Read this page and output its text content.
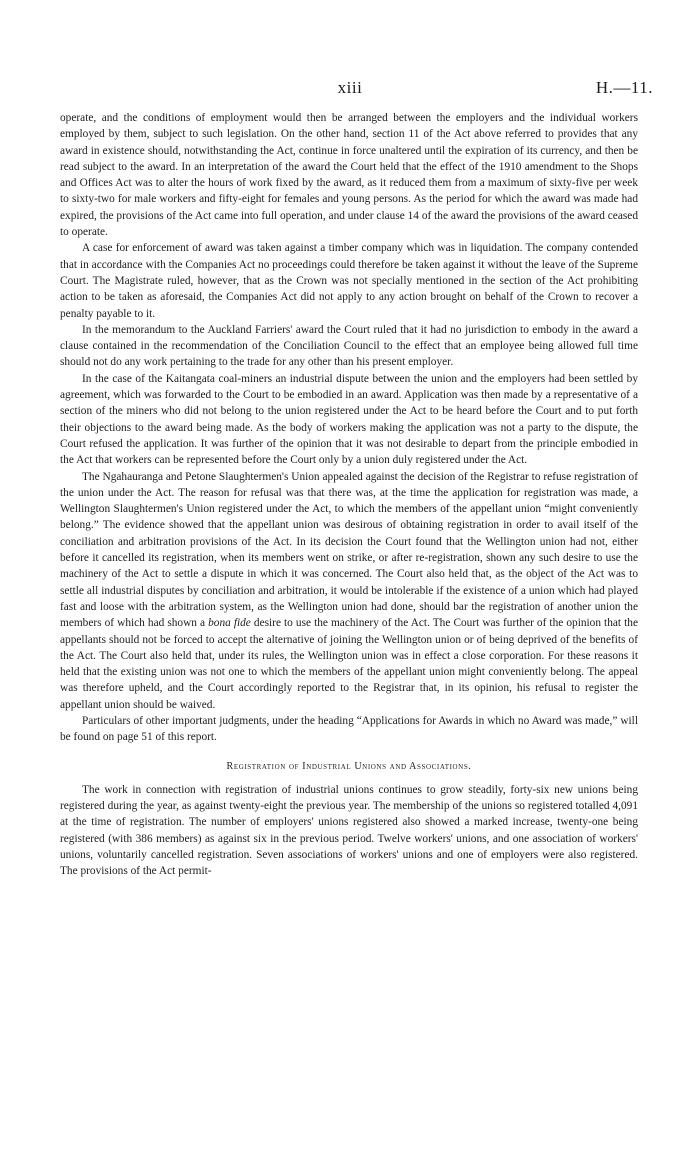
xiii	H.—11.

operate, and the conditions of employment would then be arranged between the employers and the individual workers employed by them, subject to such legislation. On the other hand, section 11 of the Act above referred to provides that any award in existence should, notwithstanding the Act, continue in force unaltered until the expiration of its currency, and then be read subject to the award. In an interpretation of the award the Court held that the effect of the 1910 amendment to the Shops and Offices Act was to alter the hours of work fixed by the award, as it reduced them from a maximum of sixty-five per week to sixty-two for male workers and fifty-eight for females and young persons. As the period for which the award was made had expired, the provisions of the Act came into full operation, and under clause 14 of the award the provisions of the award ceased to operate.

A case for enforcement of award was taken against a timber company which was in liquidation. The company contended that in accordance with the Companies Act no proceedings could therefore be taken against it without the leave of the Supreme Court. The Magistrate ruled, however, that as the Crown was not specially mentioned in the section of the Act prohibiting action to be taken as aforesaid, the Companies Act did not apply to any action brought on behalf of the Crown to recover a penalty payable to it.

In the memorandum to the Auckland Farriers' award the Court ruled that it had no jurisdiction to embody in the award a clause contained in the recommendation of the Conciliation Council to the effect that an employee being allowed full time should not do any work pertaining to the trade for any other than his present employer.

In the case of the Kaitangata coal-miners an industrial dispute between the union and the employers had been settled by agreement, which was forwarded to the Court to be embodied in an award. Application was then made by a representative of a section of the miners who did not belong to the union registered under the Act to be heard before the Court and to put forth their objections to the award being made. As the body of workers making the application was not a party to the dispute, the Court refused the application. It was further of the opinion that it was not desirable to depart from the principle embodied in the Act that workers can be represented before the Court only by a union duly registered under the Act.

The Ngahauranga and Petone Slaughtermen's Union appealed against the decision of the Registrar to refuse registration of the union under the Act. The reason for refusal was that there was, at the time the application for registration was made, a Wellington Slaughtermen's Union registered under the Act, to which the members of the appellant union “might conveniently belong.” The evidence showed that the appellant union was desirous of obtaining registration in order to avail itself of the conciliation and arbitration provisions of the Act. In its decision the Court found that the Wellington union had not, either before it cancelled its registration, when its members went on strike, or after re-registration, shown any such desire to use the machinery of the Act to settle a dispute in which it was concerned. The Court also held that, as the object of the Act was to settle all industrial disputes by conciliation and arbitration, it would be intolerable if the existence of a union which had played fast and loose with the arbitration system, as the Wellington union had done, should bar the registration of another union the members of which had shown a bona fide desire to use the machinery of the Act. The Court was further of the opinion that the appellants should not be forced to accept the alternative of joining the Wellington union or of being deprived of the benefits of the Act. The Court also held that, under its rules, the Wellington union was in effect a close corporation. For these reasons it held that the existing union was not one to which the members of the appellant union might conveniently belong. The appeal was therefore upheld, and the Court accordingly reported to the Registrar that, in its opinion, his refusal to register the appellant union should be waived.

Particulars of other important judgments, under the heading “Applications for Awards in which no Award was made,” will be found on page 51 of this report.

Registration of Industrial Unions and Associations.

The work in connection with registration of industrial unions continues to grow steadily, forty-six new unions being registered during the year, as against twenty-eight the previous year. The membership of the unions so registered totalled 4,091 at the time of registration. The number of employers' unions registered also showed a marked increase, twenty-one being registered (with 386 members) as against six in the previous period. Twelve workers' unions, and one association of workers' unions, voluntarily cancelled registration. Seven associations of workers' unions and one of employers were also registered. The provisions of the Act permit-
